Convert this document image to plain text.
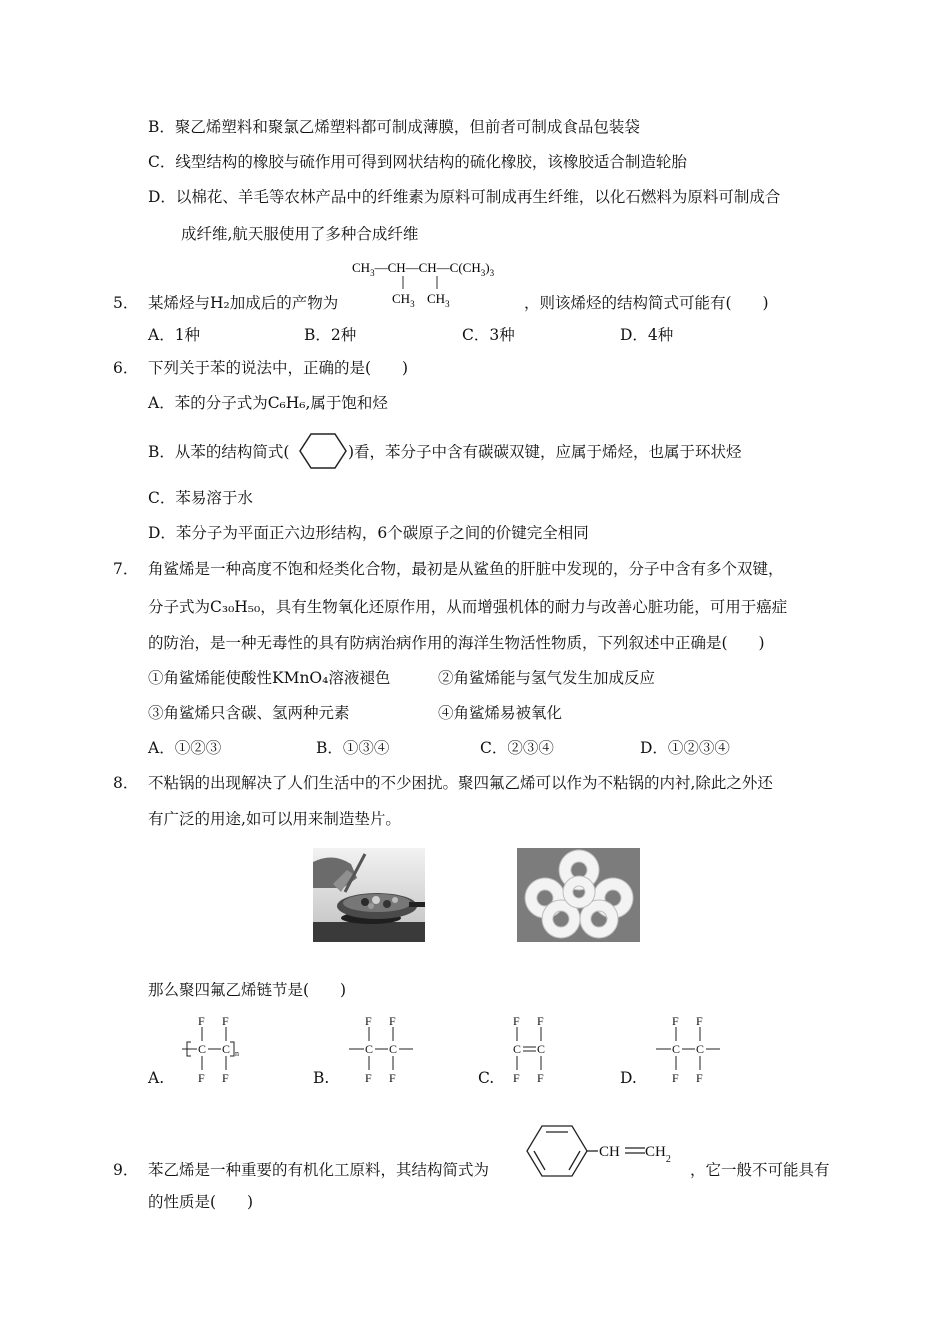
B．聚乙烯塑料和聚氯乙烯塑料都可制成薄膜，但前者可制成食品包装袋
C．线型结构的橡胶与硫作用可得到网状结构的硫化橡胶，该橡胶适合制造轮胎
D．以棉花、羊毛等农林产品中的纤维素为原料可制成再生纤维，以化石燃料为原料可制成合
成纤维,航天服使用了多种合成纤维
$CH_3—CH—CH—C(CH_3)_3$
$CH_3$ $CH_3$
5． 某烯烃与H₂加成后的产物为	，则该烯烃的结构简式可能有(　　)
A．1种	B．2种	C．3种	D．4种
6． 下列关于苯的说法中，正确的是(　　)
A．苯的分子式为C₆H₆,属于饱和烃
B．从苯的结构简式(	)看，苯分子中含有碳碳双键，应属于烯烃，也属于环状烃
C．苯易溶于水
D．苯分子为平面正六边形结构，6个碳原子之间的价键完全相同
7． 角鲨烯是一种高度不饱和烃类化合物，最初是从鲨鱼的肝脏中发现的，分子中含有多个双键，
分子式为C₃₀H₅₀，具有生物氧化还原作用，从而增强机体的耐力与改善心脏功能，可用于癌症
的防治，是一种无毒性的具有防病治病作用的海洋生物活性物质，下列叙述中正确是(　　)
①角鲨烯能使酸性KMnO₄溶液褪色	②角鲨烯能与氢气发生加成反应
③角鲨烯只含碳、氢两种元素	④角鲨烯易被氧化
A．①②③	B．①③④	C．②③④	D．①②③④
8． 不粘锅的出现解决了人们生活中的不少困扰。聚四氟乙烯可以作为不粘锅的内衬,除此之外还
有广泛的用途,如可以用来制造垫片。
那么聚四氟乙烯链节是(　　)
A.
F F
C C
F F
n
B.
F F
C C
F F	C.
F F
C C
F F	D.
F F
C C
F F
CH $CH_2$
9． 苯乙烯是一种重要的有机化工原料，其结构简式为	，它一般不可能具有
的性质是(　　)
